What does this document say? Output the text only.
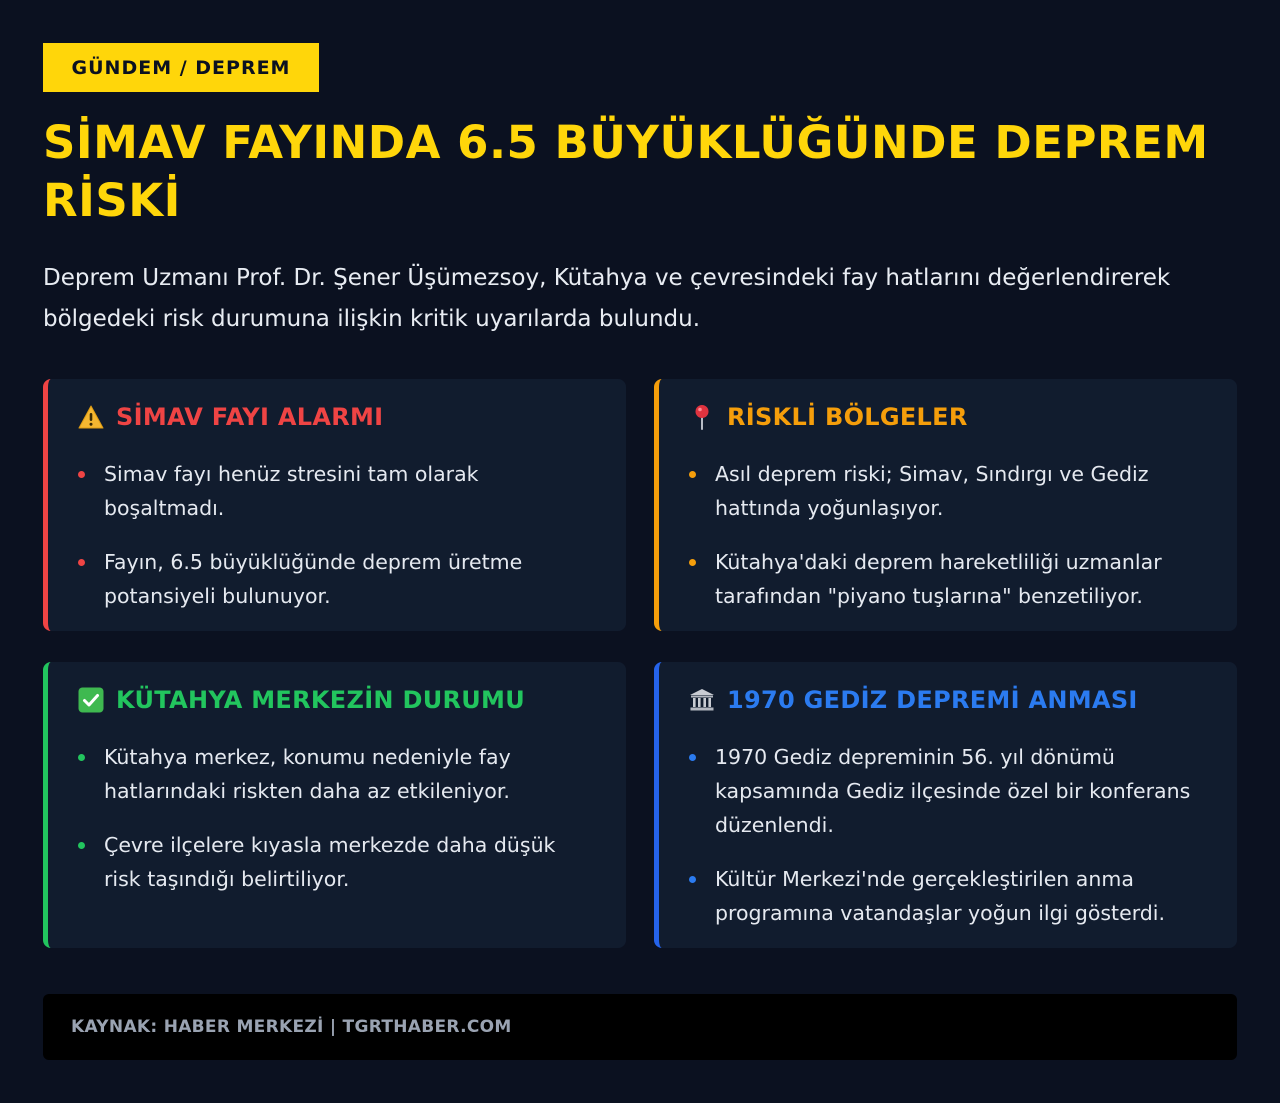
GÜNDEM / DEPREM
SİMAV FAYINDA 6.5 BÜYÜKLÜĞÜNDE DEPREM RİSKİ

Deprem Uzmanı Prof. Dr. Şener Üşümezsoy, Kütahya ve çevresindeki fay hatlarını değerlendirerek bölgedeki risk durumuna ilişkin kritik uyarılarda bulundu.

SİMAV FAYI ALARMI
Simav fayı henüz stresini tam olarak boşaltmadı.
Fayın, 6.5 büyüklüğünde deprem üretme potansiyeli bulunuyor.
RİSKLİ BÖLGELER
Asıl deprem riski; Simav, Sındırgı ve Gediz hattında yoğunlaşıyor.
Kütahya'daki deprem hareketliliği uzmanlar tarafından "piyano tuşlarına" benzetiliyor.
KÜTAHYA MERKEZİN DURUMU
Kütahya merkez, konumu nedeniyle fay hatlarındaki riskten daha az etkileniyor.
Çevre ilçelere kıyasla merkezde daha düşük risk taşındığı belirtiliyor.
1970 GEDİZ DEPREMİ ANMASI
1970 Gediz depreminin 56. yıl dönümü kapsamında Gediz ilçesinde özel bir konferans düzenlendi.
Kültür Merkezi'nde gerçekleştirilen anma programına vatandaşlar yoğun ilgi gösterdi.
KAYNAK: HABER MERKEZİ | TGRTHABER.COM
